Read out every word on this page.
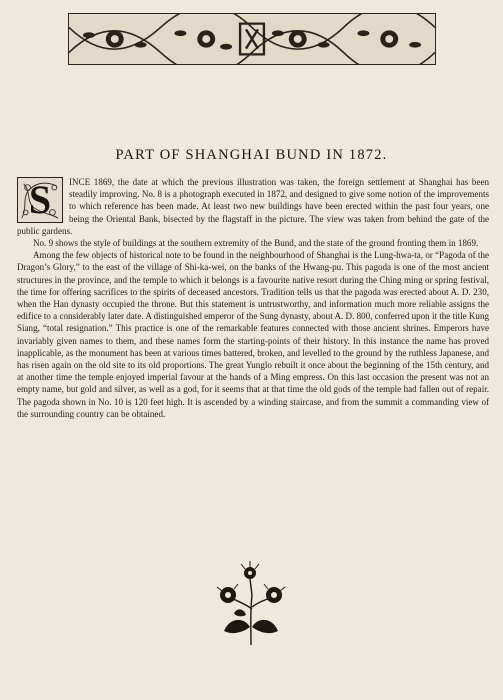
PART OF SHANGHAI BUND IN 1872.

S	INCE 1869, the date at which the previous illustration was taken, the foreign settlement at Shanghai has been steadily improving. No. 8 is a photograph executed in 1872, and designed to give some notion of the improvements to which reference has been made. At least two new buildings have been erected within the past four years, one being the Oriental Bank, bisected by the flagstaff in the picture. The view was taken from behind the gate of the public gardens.

No. 9 shows the style of buildings at the southern extremity of the Bund, and the state of the ground fronting them in 1869.

Among the few objects of historical note to be found in the neighbourhood of Shanghai is the Lung-hwa-ta, or “Pagoda of the Dragon’s Glory,” to the east of the village of Shi-ka-wei, on the banks of the Hwang-pu. This pagoda is one of the most ancient structures in the province, and the temple to which it belongs is a favourite native resort during the Ching ming or spring festival, the time for offering sacrifices to the spirits of deceased ancestors. Tradition tells us that the pagoda was erected about A. D. 230, when the Han dynasty occupied the throne. But this statement is untrustworthy, and information much more reliable assigns the edifice to a considerably later date. A distinguished emperor of the Sung dynasty, about A. D. 800, conferred upon it the title Kung Siang, “total resignation.” This practice is one of the remarkable features connected with those ancient shrines. Emperors have invariably given names to them, and these names form the starting-points of their history. In this instance the name has proved inapplicable, as the monument has been at various times battered, broken, and levelled to the ground by the ruthless Japanese, and has risen again on the old site to its old proportions. The great Yunglo rebuilt it once about the beginning of the 15th century, and at another time the temple enjoyed imperial favour at the hands of a Ming empress. On this last occasion the present was not an empty name, but gold and silver, as well as a god, for it seems that at that time the old gods of the temple had fallen out of repair. The pagoda shown in No. 10 is 120 feet high. It is ascended by a winding staircase, and from the summit a commanding view of the surrounding country can be obtained.
